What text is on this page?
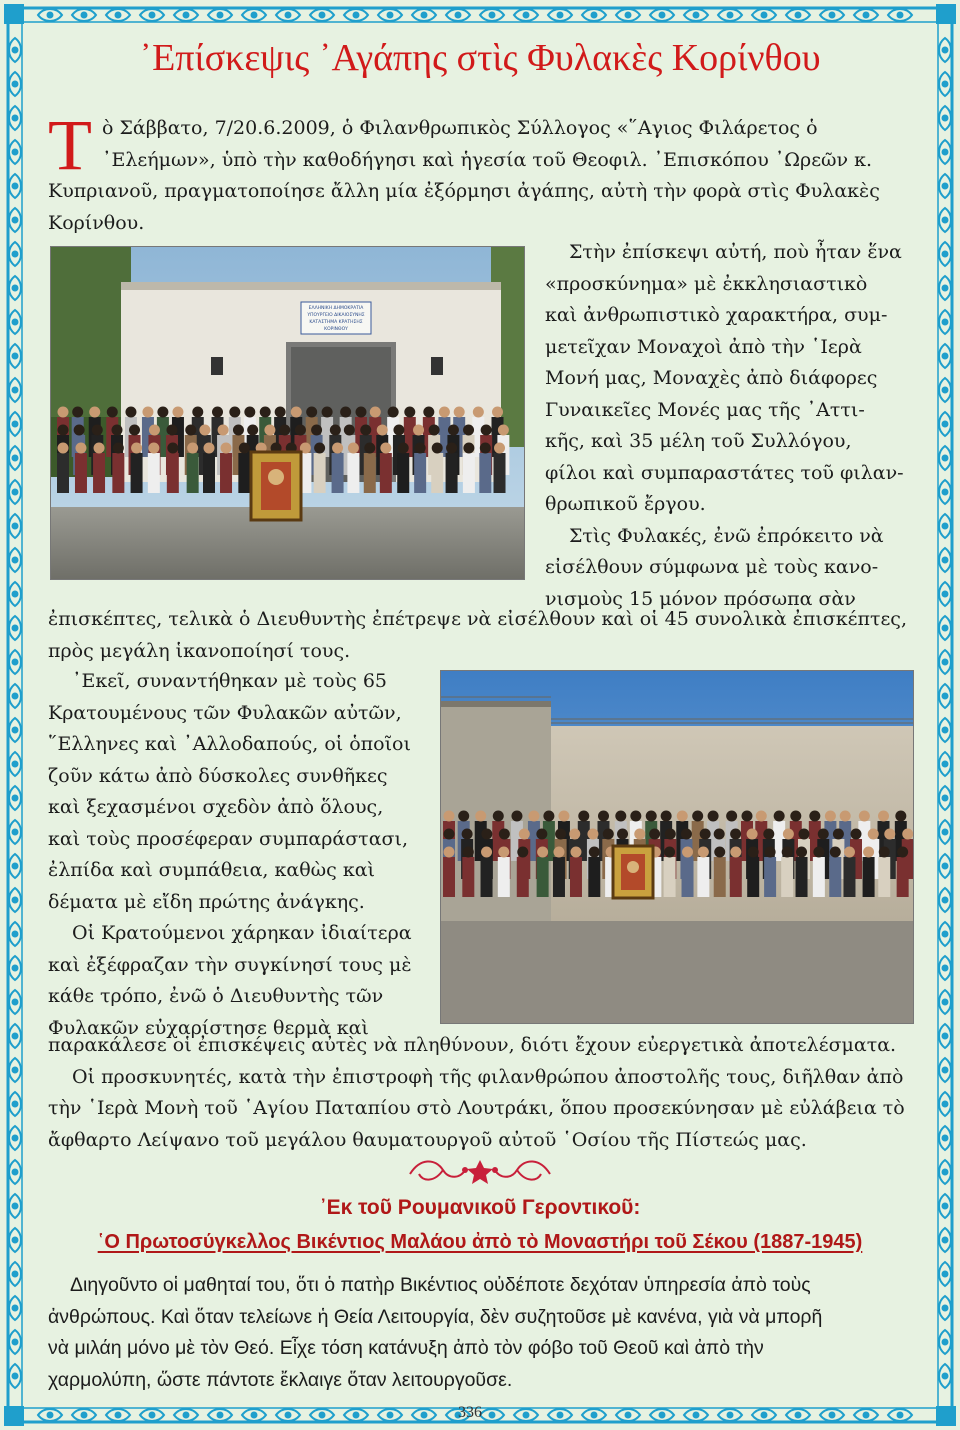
᾿Επίσκεψις ᾿Αγάπης στὶς Φυλακὲς Κορίνθου
Τ ὸ Σάββατο, 7/20.6.2009, ὁ Φιλανθρωπικὸς Σύλλογος «῞Αγιος Φιλάρετος ὁ
᾿Ελεήμων», ὑπὸ τὴν καθοδήγησι καὶ ἡγεσία τοῦ Θεοφιλ. ᾿Επισκόπου ᾿Ωρεῶν κ.
Κυπριανοῦ, πραγματοποίησε ἄλλη μία ἐξόρμησι ἀγάπης, αὐτὴ τὴν φορὰ στὶς Φυλακὲς
Κορίνθου.
ΕΛΛΗΝΙΚΗ ΔΗΜΟΚΡΑΤΙΑ
ΥΠΟΥΡΓΕΙΟ ΔΙΚΑΙΟΣΥΝΗΣ
ΚΑΤΑΣΤΗΜΑ ΚΡΑΤΗΣΗΣ
ΚΟΡΙΝΘΟΥ
Στὴν ἐπίσκεψι αὐτή, ποὺ ἦταν ἕνα
«προσκύνημα» μὲ ἐκκλησιαστικὸ
καὶ ἀνθρωπιστικὸ χαρακτήρα, συμ-
μετεῖχαν Μοναχοὶ ἀπὸ τὴν ῾Ιερὰ
Μονή μας, Μοναχὲς ἀπὸ διάφορες
Γυναικεῖες Μονές μας τῆς ᾿Αττι-
κῆς, καὶ 35 μέλη τοῦ Συλλόγου,
φίλοι καὶ συμπαραστάτες τοῦ φιλαν-
θρωπικοῦ ἔργου.
Στὶς Φυλακές, ἐνῶ ἐπρόκειτο νὰ
εἰσέλθουν σύμφωνα μὲ τοὺς κανο-
νισμοὺς 15 μόνον πρόσωπα σὰν
ἐπισκέπτες, τελικὰ ὁ Διευθυντὴς ἐπέτρεψε νὰ εἰσέλθουν καὶ οἱ 45 συνολικὰ ἐπισκέπτες,
πρὸς μεγάλη ἱκανοποίησί τους.
᾿Εκεῖ, συναντήθηκαν μὲ τοὺς 65
Κρατουμένους τῶν Φυλακῶν αὐτῶν,
῞Ελληνες καὶ ᾿Αλλοδαπούς, οἱ ὁποῖοι
ζοῦν κάτω ἀπὸ δύσκολες συνθῆκες
καὶ ξεχασμένοι σχεδὸν ἀπὸ ὅλους,
καὶ τοὺς προσέφεραν συμπαράστασι,
ἐλπίδα καὶ συμπάθεια, καθὼς καὶ
δέματα μὲ εἴδη πρώτης ἀνάγκης.
Οἱ Κρατούμενοι χάρηκαν ἰδιαίτερα
καὶ ἐξέφραζαν τὴν συγκίνησί τους μὲ
κάθε τρόπο, ἐνῶ ὁ Διευθυντὴς τῶν
Φυλακῶν εὐχαρίστησε θερμὰ καὶ
παρακάλεσε οἱ ἐπισκέψεις αὐτὲς νὰ πληθύνουν, διότι ἔχουν εὐεργετικὰ ἀποτελέσματα.
Οἱ προσκυνητές, κατὰ τὴν ἐπιστροφὴ τῆς φιλανθρώπου ἀποστολῆς τους, διῆλθαν ἀπὸ
τὴν ῾Ιερὰ Μονὴ τοῦ ῾Αγίου Παταπίου στὸ Λουτράκι, ὅπου προσεκύνησαν μὲ εὐλάβεια τὸ
ἄφθαρτο Λείψανο τοῦ μεγάλου θαυματουργοῦ αὐτοῦ ῾Οσίου τῆς Πίστεώς μας.
᾿Εκ τοῦ Ρουμανικοῦ Γεροντικοῦ:
῾Ο Πρωτοσύγκελλος Βικέντιος Μαλάου ἀπὸ τὸ Μοναστήρι τοῦ Σέκου (1887-1945)
Διηγοῦντο οἱ μαθηταί του, ὅτι ὁ πατὴρ Βικέντιος οὐδέποτε δεχόταν ὑπηρεσία ἀπὸ τοὺς
ἀνθρώπους. Καὶ ὅταν τελείωνε ἡ Θεία Λειτουργία, δὲν συζητοῦσε μὲ κανένα, γιὰ νὰ μπορῆ
νὰ μιλάη μόνο μὲ τὸν Θεό. Εἶχε τόση κατάνυξη ἀπὸ τὸν φόβο τοῦ Θεοῦ καὶ ἀπὸ τὴν
χαρμολύπη, ὥστε πάντοτε ἔκλαιγε ὅταν λειτουργοῦσε.
336
